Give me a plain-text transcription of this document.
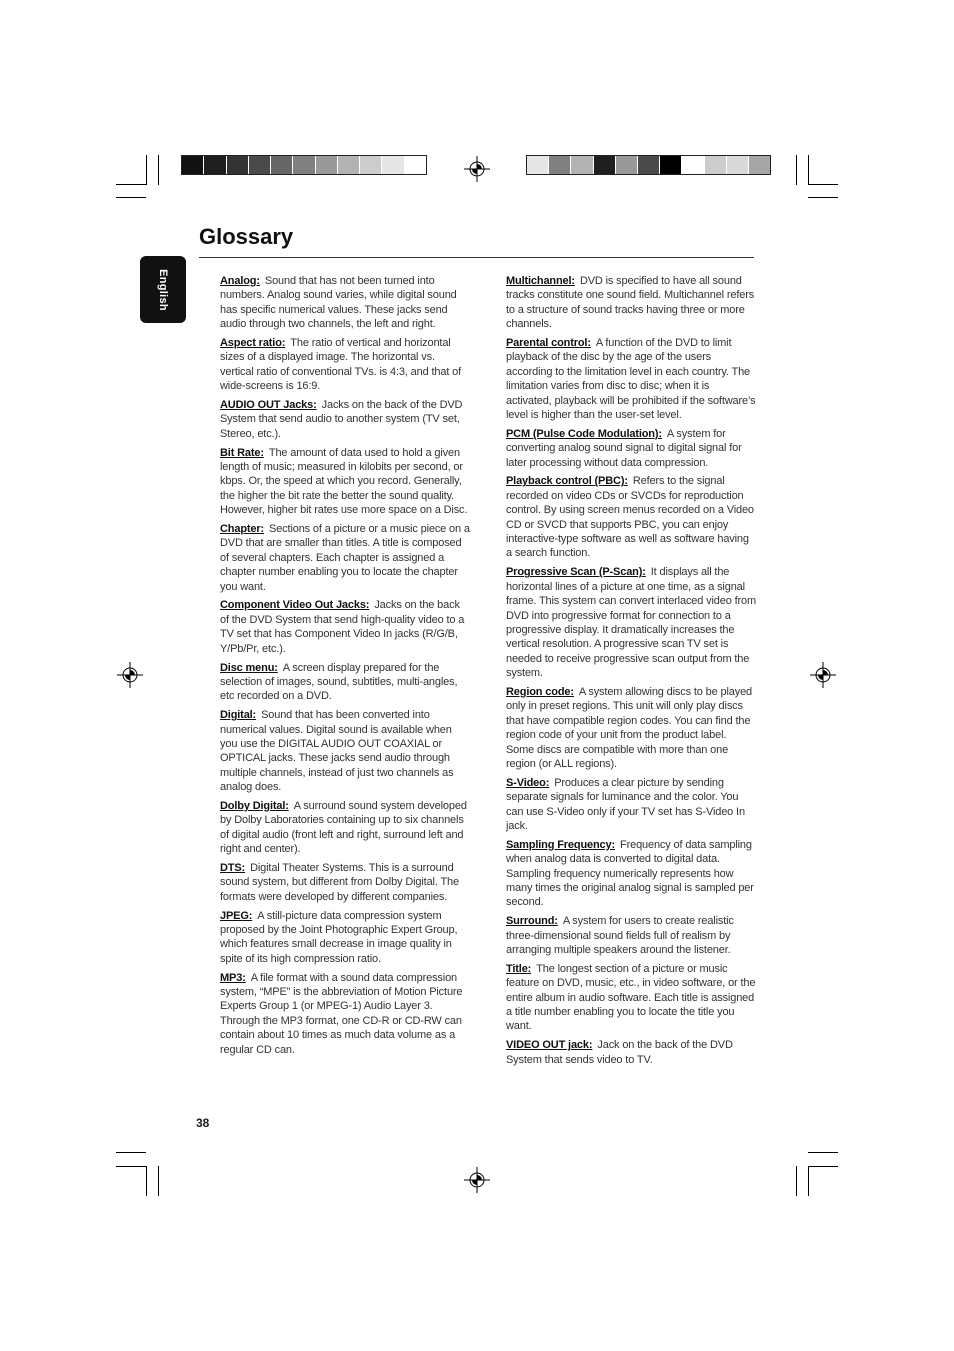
Glossary
English	Analog: Sound that has not been turned into numbers. Analog sound varies, while digital sound has specific numerical values. These jacks send audio through two channels, the left and right.

Aspect ratio: The ratio of vertical and horizontal sizes of a displayed image. The horizontal vs. vertical ratio of conventional TVs. is 4:3, and that of wide-screens is 16:9.

AUDIO OUT Jacks: Jacks on the back of the DVD System that send audio to another system (TV set, Stereo, etc.).

Bit Rate: The amount of data used to hold a given length of music; measured in kilobits per second, or kbps. Or, the speed at which you record. Generally, the higher the bit rate the better the sound quality. However, higher bit rates use more space on a Disc.

Chapter: Sections of a picture or a music piece on a DVD that are smaller than titles. A title is composed of several chapters. Each chapter is assigned a chapter number enabling you to locate the chapter you want.

Component Video Out Jacks: Jacks on the back of the DVD System that send high-quality video to a TV set that has Component Video In jacks (R/G/B, Y/Pb/Pr, etc.).

Disc menu: A screen display prepared for the selection of images, sound, subtitles, multi-angles, etc recorded on a DVD.

Digital: Sound that has been converted into numerical values. Digital sound is available when you use the DIGITAL AUDIO OUT COAXIAL or OPTICAL jacks. These jacks send audio through multiple channels, instead of just two channels as analog does.

Dolby Digital: A surround sound system developed by Dolby Laboratories containing up to six channels of digital audio (front left and right, surround left and right and center).

DTS: Digital Theater Systems. This is a surround sound system, but different from Dolby Digital. The formats were developed by different companies.

JPEG: A still-picture data compression system proposed by the Joint Photographic Expert Group, which features small decrease in image quality in spite of its high compression ratio.

MP3: A file format with a sound data compression system, “MPE” is the abbreviation of Motion Picture Experts Group 1 (or MPEG-1) Audio Layer 3. Through the MP3 format, one CD-R or CD-RW can contain about 10 times as much data volume as a regular CD can.

Multichannel: DVD is specified to have all sound tracks constitute one sound field. Multichannel refers to a structure of sound tracks having three or more channels.

Parental control: A function of the DVD to limit playback of the disc by the age of the users according to the limitation level in each country. The limitation varies from disc to disc; when it is activated, playback will be prohibited if the software’s level is higher than the user-set level.

PCM (Pulse Code Modulation): A system for converting analog sound signal to digital signal for later processing without data compression.

Playback control (PBC): Refers to the signal recorded on video CDs or SVCDs for reproduction control. By using screen menus recorded on a Video CD or SVCD that supports PBC, you can enjoy interactive-type software as well as software having a search function.

Progressive Scan (P-Scan): It displays all the horizontal lines of a picture at one time, as a signal frame. This system can convert interlaced video from DVD into progressive format for connection to a progressive display. It dramatically increases the vertical resolution. A progressive scan TV set is needed to receive progressive scan output from the system.

Region code: A system allowing discs to be played only in preset regions. This unit will only play discs that have compatible region codes. You can find the region code of your unit from the product label. Some discs are compatible with more than one region (or ALL regions).

S-Video: Produces a clear picture by sending separate signals for luminance and the color. You can use S-Video only if your TV set has S-Video In jack.

Sampling Frequency: Frequency of data sampling when analog data is converted to digital data. Sampling frequency numerically represents how many times the original analog signal is sampled per second.

Surround: A system for users to create realistic three-dimensional sound fields full of realism by arranging multiple speakers around the listener.

Title: The longest section of a picture or music feature on DVD, music, etc., in video software, or the entire album in audio software. Each title is assigned a title number enabling you to locate the title you want.

VIDEO OUT jack: Jack on the back of the DVD System that sends video to TV.

38
